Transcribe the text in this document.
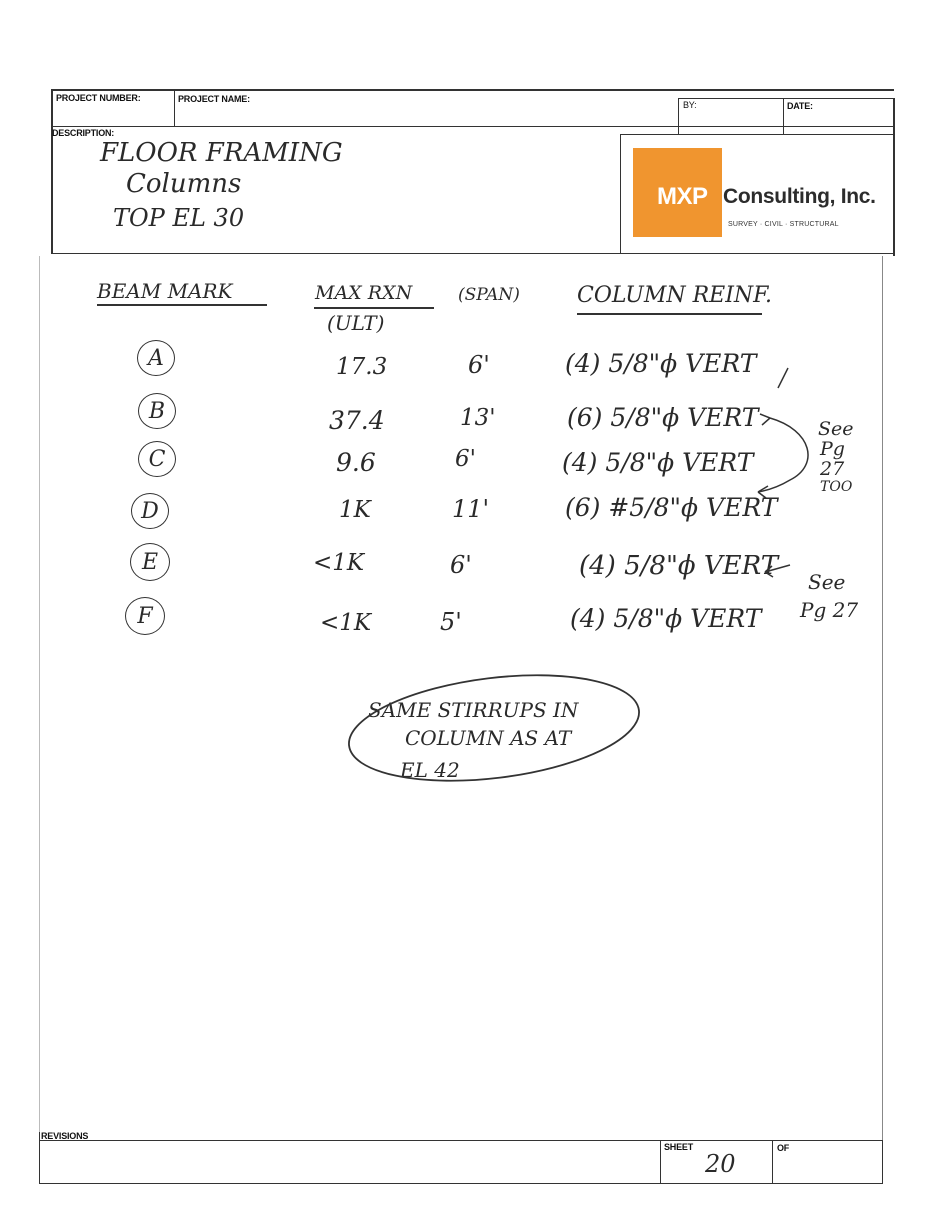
PROJECT NUMBER:	PROJECT NAME:
BY:	DATE:
DESCRIPTION:
MXP Consulting, Inc.
SURVEY · CIVIL · STRUCTURAL
FLOOR FRAMING
Columns
TOP EL 30
BEAM MARK	MAX RXN
(ULT)
(SPAN)	COLUMN REINF.
A	17.3	6'	(4) 5/8"ϕ VERT
B	37.4	13'	(6) 5/8"ϕ VERT
C	9.6	6'	(4) 5/8"ϕ VERT
D	1K	11'	(6) #5/8"ϕ VERT
E	<1K	6'	(4) 5/8"ϕ VERT
F	<1K	5'	(4) 5/8"ϕ VERT
See
Pg
27
TOO
See
Pg 27
SAME STIRRUPS IN
COLUMN AS AT
EL 42
REVISIONS
SHEET	OF
20
